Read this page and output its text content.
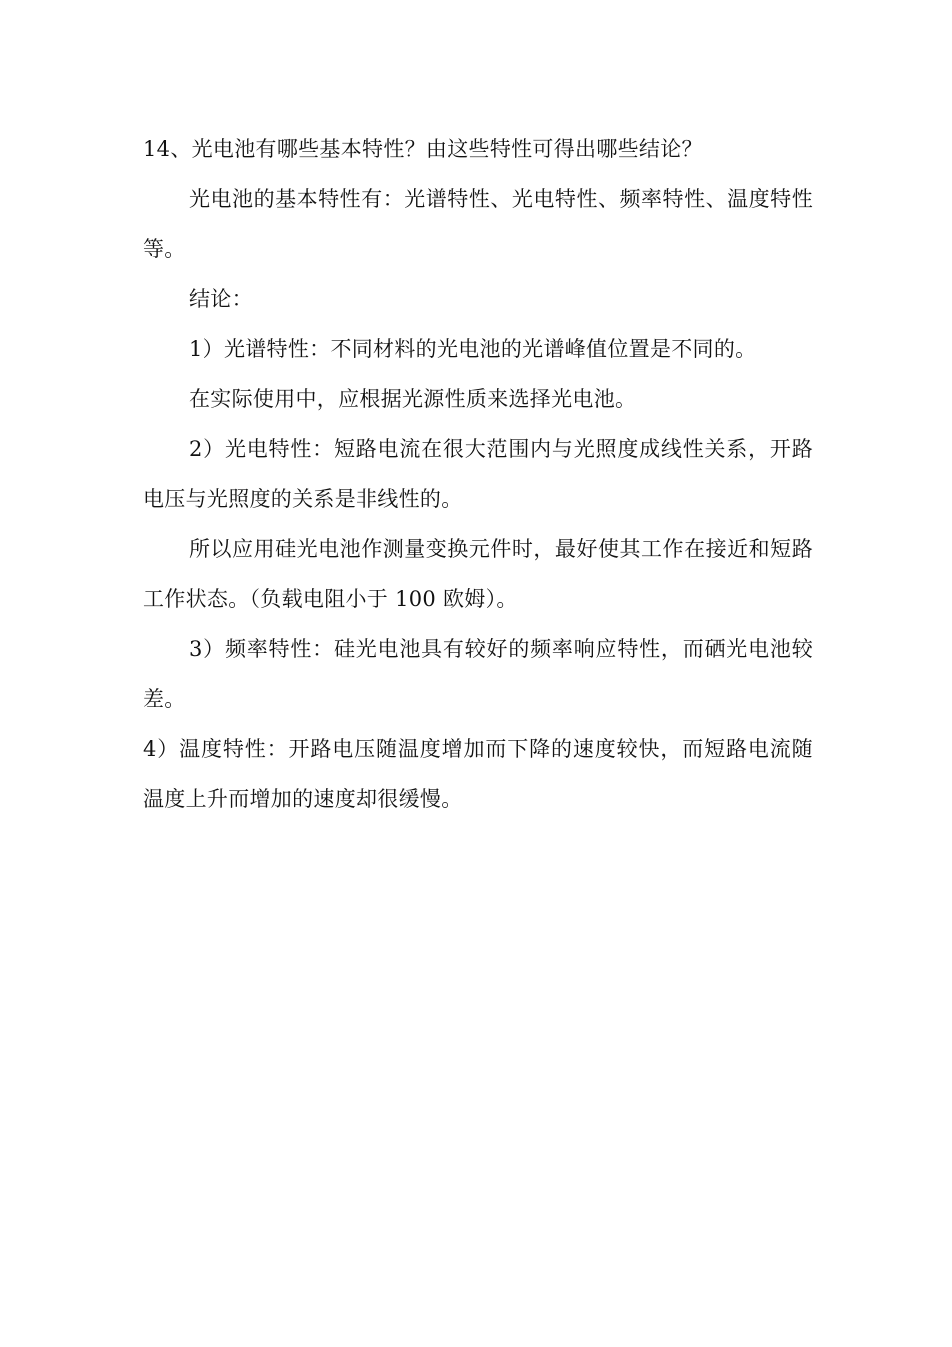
14、光电池有哪些基本特性？由这些特性可得出哪些结论？

光电池的基本特性有：光谱特性、光电特性、频率特性、温度特性等。

结论：

1）光谱特性：不同材料的光电池的光谱峰值位置是不同的。

在实际使用中，应根据光源性质来选择光电池。

2）光电特性：短路电流在很大范围内与光照度成线性关系，开路电压与光照度的关系是非线性的。

所以应用硅光电池作测量变换元件时，最好使其工作在接近和短路工作状态。（负载电阻小于 100 欧姆）。

3）频率特性：硅光电池具有较好的频率响应特性，而硒光电池较差。

4）温度特性：开路电压随温度增加而下降的速度较快，而短路电流随温度上升而增加的速度却很缓慢。
